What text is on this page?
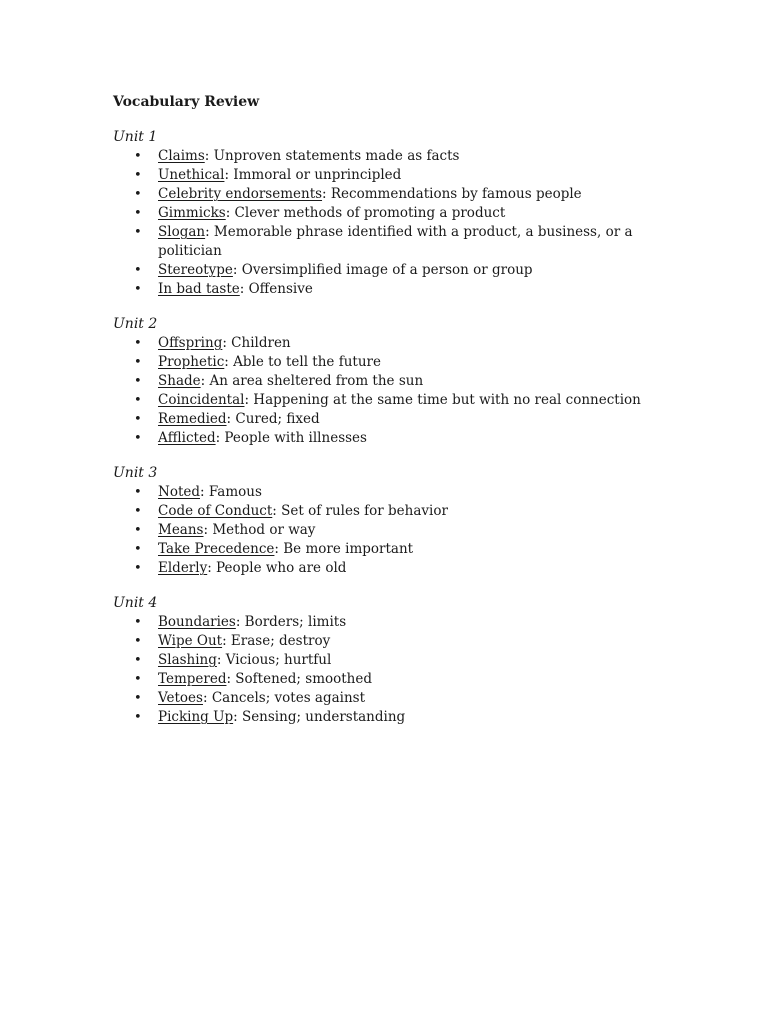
Vocabulary Review
Unit 1
• Claims: Unproven statements made as facts
• Unethical: Immoral or unprincipled
• Celebrity endorsements: Recommendations by famous people
• Gimmicks: Clever methods of promoting a product
• Slogan: Memorable phrase identified with a product, a business, or a politician
• Stereotype: Oversimplified image of a person or group
• In bad taste: Offensive
Unit 2
• Offspring: Children
• Prophetic: Able to tell the future
• Shade: An area sheltered from the sun
• Coincidental: Happening at the same time but with no real connection
• Remedied: Cured; fixed
• Afflicted: People with illnesses
Unit 3
• Noted: Famous
• Code of Conduct: Set of rules for behavior
• Means: Method or way
• Take Precedence: Be more important
• Elderly: People who are old
Unit 4
• Boundaries: Borders; limits
• Wipe Out: Erase; destroy
• Slashing: Vicious; hurtful
• Tempered: Softened; smoothed
• Vetoes: Cancels; votes against
• Picking Up: Sensing; understanding
